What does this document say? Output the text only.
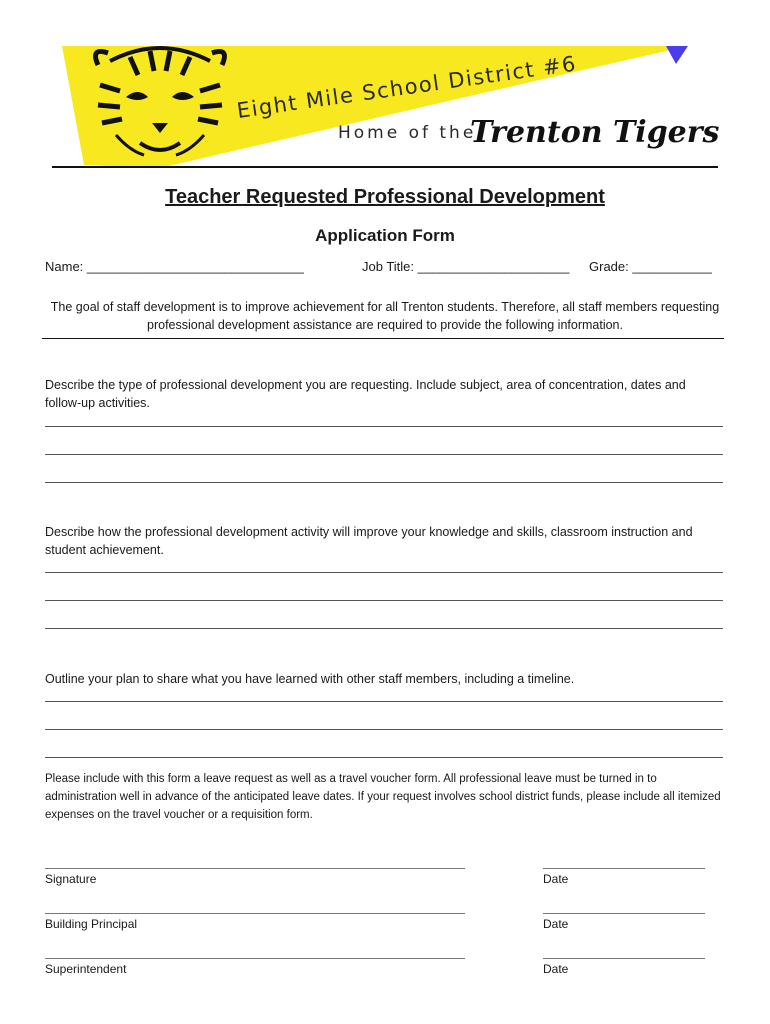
Eight Mile School District #6
Home of the
Trenton Tigers
Teacher Requested Professional Development
Application Form
Name: ______________________________	Job Title: _____________________ Grade: ___________
The goal of staff development is to improve achievement for all Trenton students. Therefore, all staff members requesting professional development assistance are required to provide the following information.
Describe the type of professional development you are requesting. Include subject, area of concentration, dates and follow-up activities.
Describe how the professional development activity will improve your knowledge and skills, classroom instruction and student achievement.
Outline your plan to share what you have learned with other staff members, including a timeline.
Please include with this form a leave request as well as a travel voucher form. All professional leave must be turned in to administration well in advance of the anticipated leave dates. If your request involves school district funds, please include all itemized expenses on the travel voucher or a requisition form.
Signature	Date
Building Principal	Date
Superintendent	Date
